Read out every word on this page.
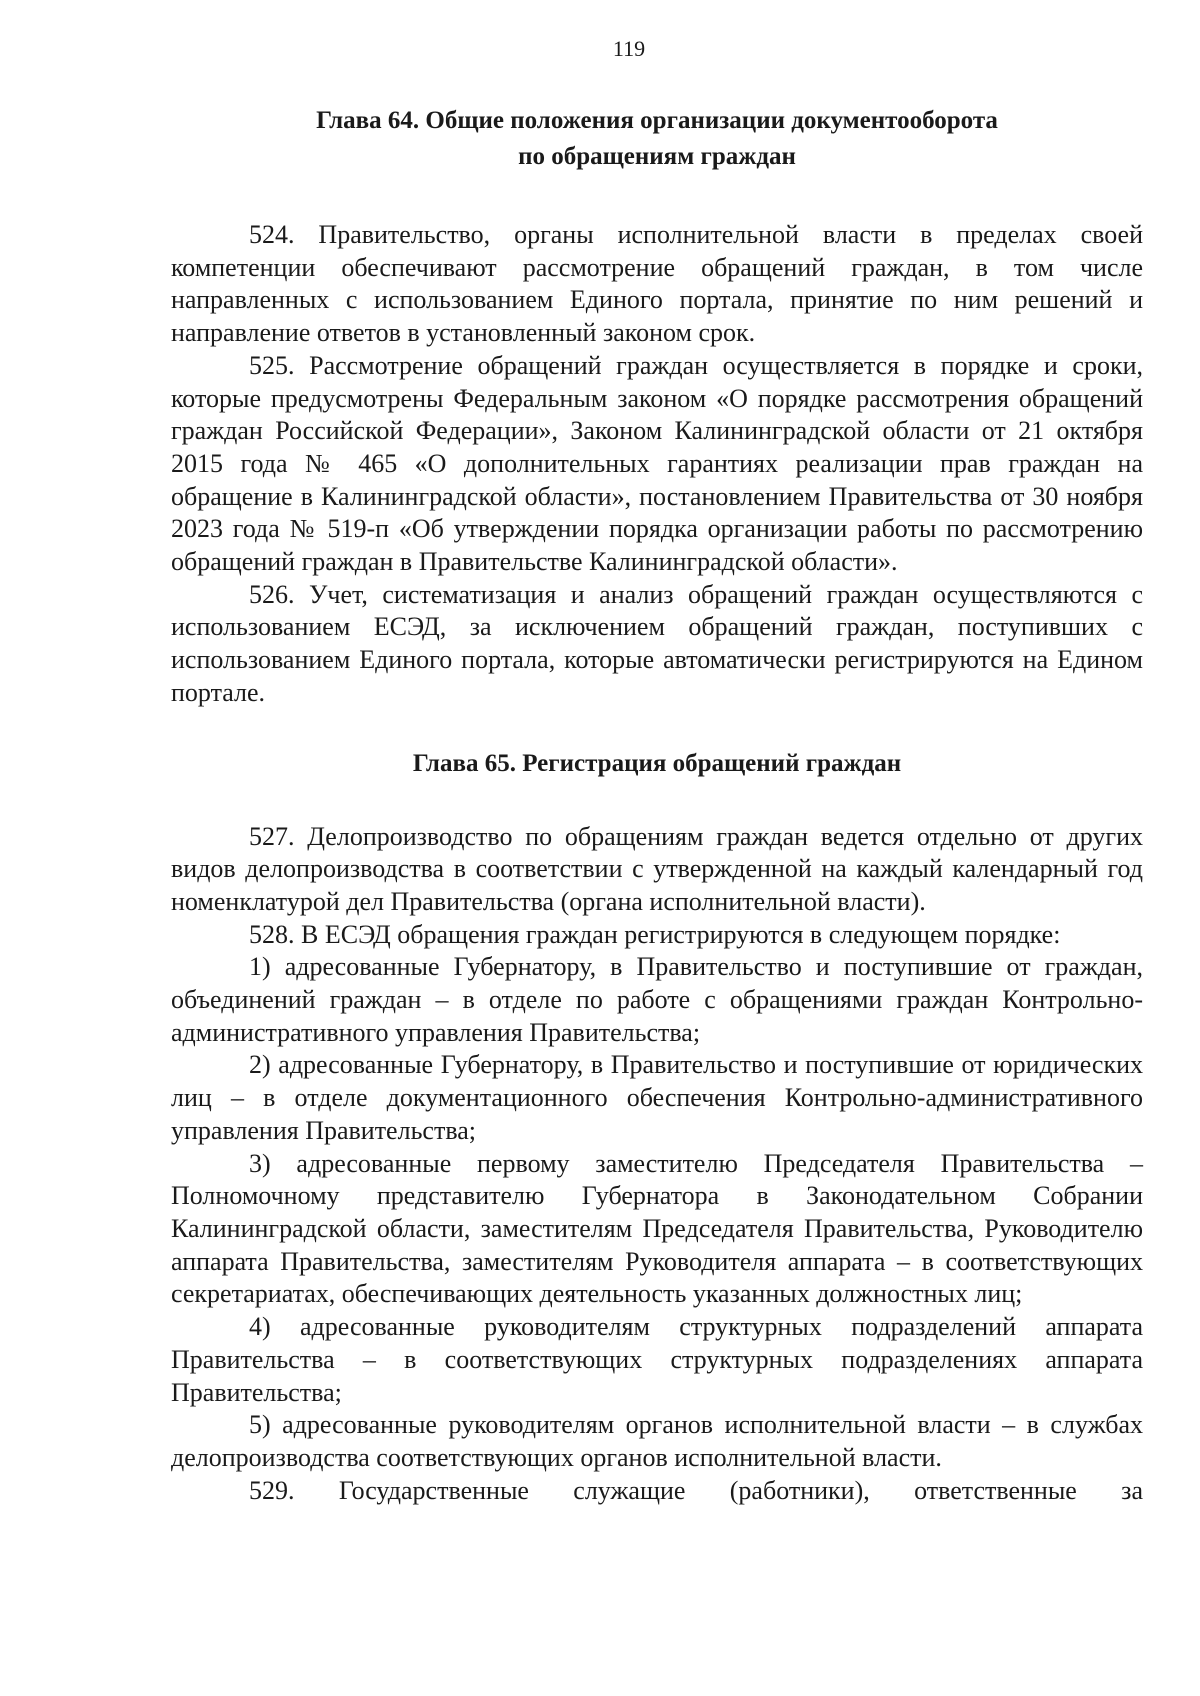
119
Глава 64. Общие положения организации документооборота
по обращениям граждан

524. Правительство, органы исполнительной власти в пределах своей компетенции обеспечивают рассмотрение обращений граждан, в том числе направленных с использованием Единого портала, принятие по ним решений и направление ответов в установленный законом срок.

525. Рассмотрение обращений граждан осуществляется в порядке и сроки, которые предусмотрены Федеральным законом «О порядке рассмотрения обращений граждан Российской Федерации», Законом Калининградской области от 21 октября 2015 года № 465 «О дополнительных гарантиях реализации прав граждан на обращение в Калининградской области», постановлением Правительства от 30 ноября 2023 года № 519-п «Об утверждении порядка организации работы по рассмотрению обращений граждан в Правительстве Калининградской области».

526. Учет, систематизация и анализ обращений граждан осуществляются с использованием ЕСЭД, за исключением обращений граждан, поступивших с использованием Единого портала, которые автоматически регистрируются на Едином портале.

Глава 65. Регистрация обращений граждан

527. Делопроизводство по обращениям граждан ведется отдельно от других видов делопроизводства в соответствии с утвержденной на каждый календарный год номенклатурой дел Правительства (органа исполнительной власти).

528. В ЕСЭД обращения граждан регистрируются в следующем порядке:

1) адресованные Губернатору, в Правительство и поступившие от граждан, объединений граждан – в отделе по работе с обращениями граждан Контрольно-административного управления Правительства;

2) адресованные Губернатору, в Правительство и поступившие от юридических лиц – в отделе документационного обеспечения Контрольно-административного управления Правительства;

3) адресованные первому заместителю Председателя Правительства – Полномочному представителю Губернатора в Законодательном Собрании Калининградской области, заместителям Председателя Правительства, Руководителю аппарата Правительства, заместителям Руководителя аппарата – в соответствующих секретариатах, обеспечивающих деятельность указанных должностных лиц;

4) адресованные руководителям структурных подразделений аппарата Правительства – в соответствующих структурных подразделениях аппарата Правительства;

5) адресованные руководителям органов исполнительной власти – в службах делопроизводства соответствующих органов исполнительной власти.

529. Государственные служащие (работники), ответственные за
